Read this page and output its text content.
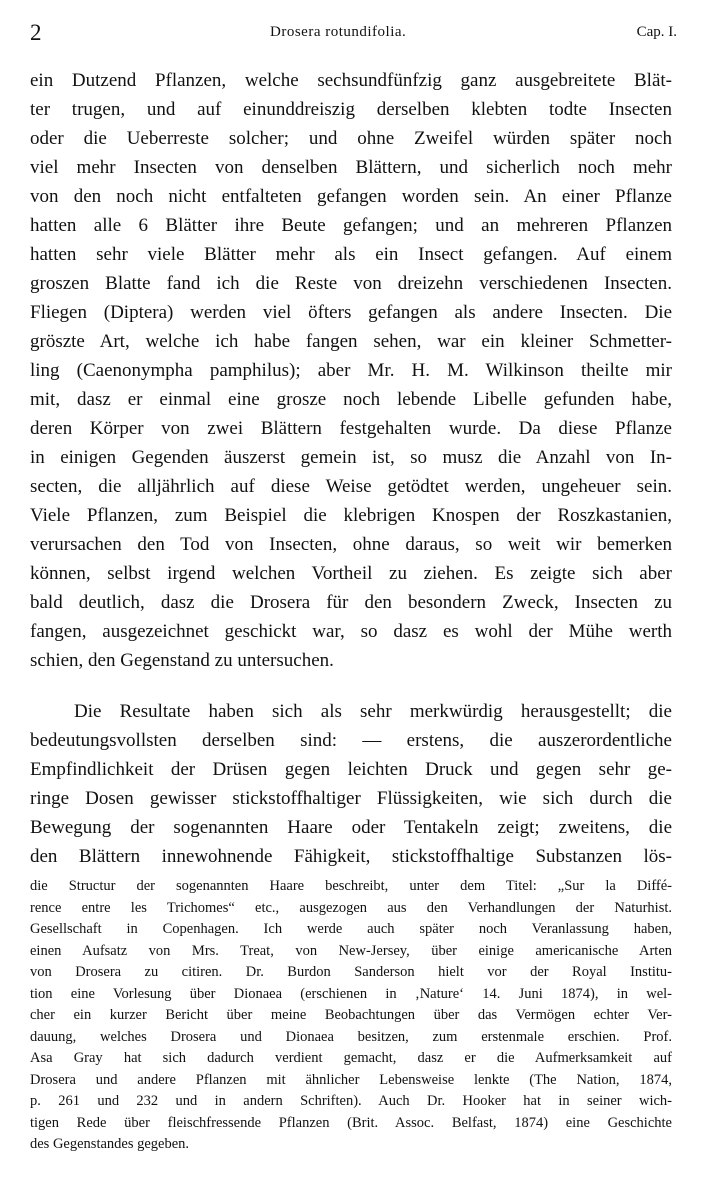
2	Drosera rotundifolia.	Cap. I.
ein Dutzend Pflanzen, welche sechsundfünfzig ganz ausgebreitete Blät-
ter trugen, und auf einunddreiszig derselben klebten todte Insecten
oder die Ueberreste solcher; und ohne Zweifel würden später noch
viel mehr Insecten von denselben Blättern, und sicherlich noch mehr
von den noch nicht entfalteten gefangen worden sein. An einer Pflanze
hatten alle 6 Blätter ihre Beute gefangen; und an mehreren Pflanzen
hatten sehr viele Blätter mehr als ein Insect gefangen. Auf einem
groszen Blatte fand ich die Reste von dreizehn verschiedenen Insecten.
Fliegen (Diptera) werden viel öfters gefangen als andere Insecten. Die
gröszte Art, welche ich habe fangen sehen, war ein kleiner Schmetter-
ling (Caenonympha pamphilus); aber Mr. H. M. Wilkinson theilte mir
mit, dasz er einmal eine grosze noch lebende Libelle gefunden habe,
deren Körper von zwei Blättern festgehalten wurde. Da diese Pflanze
in einigen Gegenden äuszerst gemein ist, so musz die Anzahl von In-
secten, die alljährlich auf diese Weise getödtet werden, ungeheuer sein.
Viele Pflanzen, zum Beispiel die klebrigen Knospen der Roszkastanien,
verursachen den Tod von Insecten, ohne daraus, so weit wir bemerken
können, selbst irgend welchen Vortheil zu ziehen. Es zeigte sich aber
bald deutlich, dasz die Drosera für den besondern Zweck, Insecten zu
fangen, ausgezeichnet geschickt war, so dasz es wohl der Mühe werth
schien, den Gegenstand zu untersuchen.
Die Resultate haben sich als sehr merkwürdig herausgestellt; die
bedeutungsvollsten derselben sind: — erstens, die auszerordentliche
Empfindlichkeit der Drüsen gegen leichten Druck und gegen sehr ge-
ringe Dosen gewisser stickstoffhaltiger Flüssigkeiten, wie sich durch die
Bewegung der sogenannten Haare oder Tentakeln zeigt; zweitens, die
den Blättern innewohnende Fähigkeit, stickstoffhaltige Substanzen lös-
die Structur der sogenannten Haare beschreibt, unter dem Titel: „Sur la Diffé-
rence entre les Trichomes“ etc., ausgezogen aus den Verhandlungen der Naturhist.
Gesellschaft in Copenhagen. Ich werde auch später noch Veranlassung haben,
einen Aufsatz von Mrs. Treat, von New-Jersey, über einige americanische Arten
von Drosera zu citiren. Dr. Burdon Sanderson hielt vor der Royal Institu-
tion eine Vorlesung über Dionaea (erschienen in ‚Nature‘ 14. Juni 1874), in wel-
cher ein kurzer Bericht über meine Beobachtungen über das Vermögen echter Ver-
dauung, welches Drosera und Dionaea besitzen, zum erstenmale erschien. Prof.
Asa Gray hat sich dadurch verdient gemacht, dasz er die Aufmerksamkeit auf
Drosera und andere Pflanzen mit ähnlicher Lebensweise lenkte (The Nation, 1874,
p. 261 und 232 und in andern Schriften). Auch Dr. Hooker hat in seiner wich-
tigen Rede über fleischfressende Pflanzen (Brit. Assoc. Belfast, 1874) eine Geschichte
des Gegenstandes gegeben.
